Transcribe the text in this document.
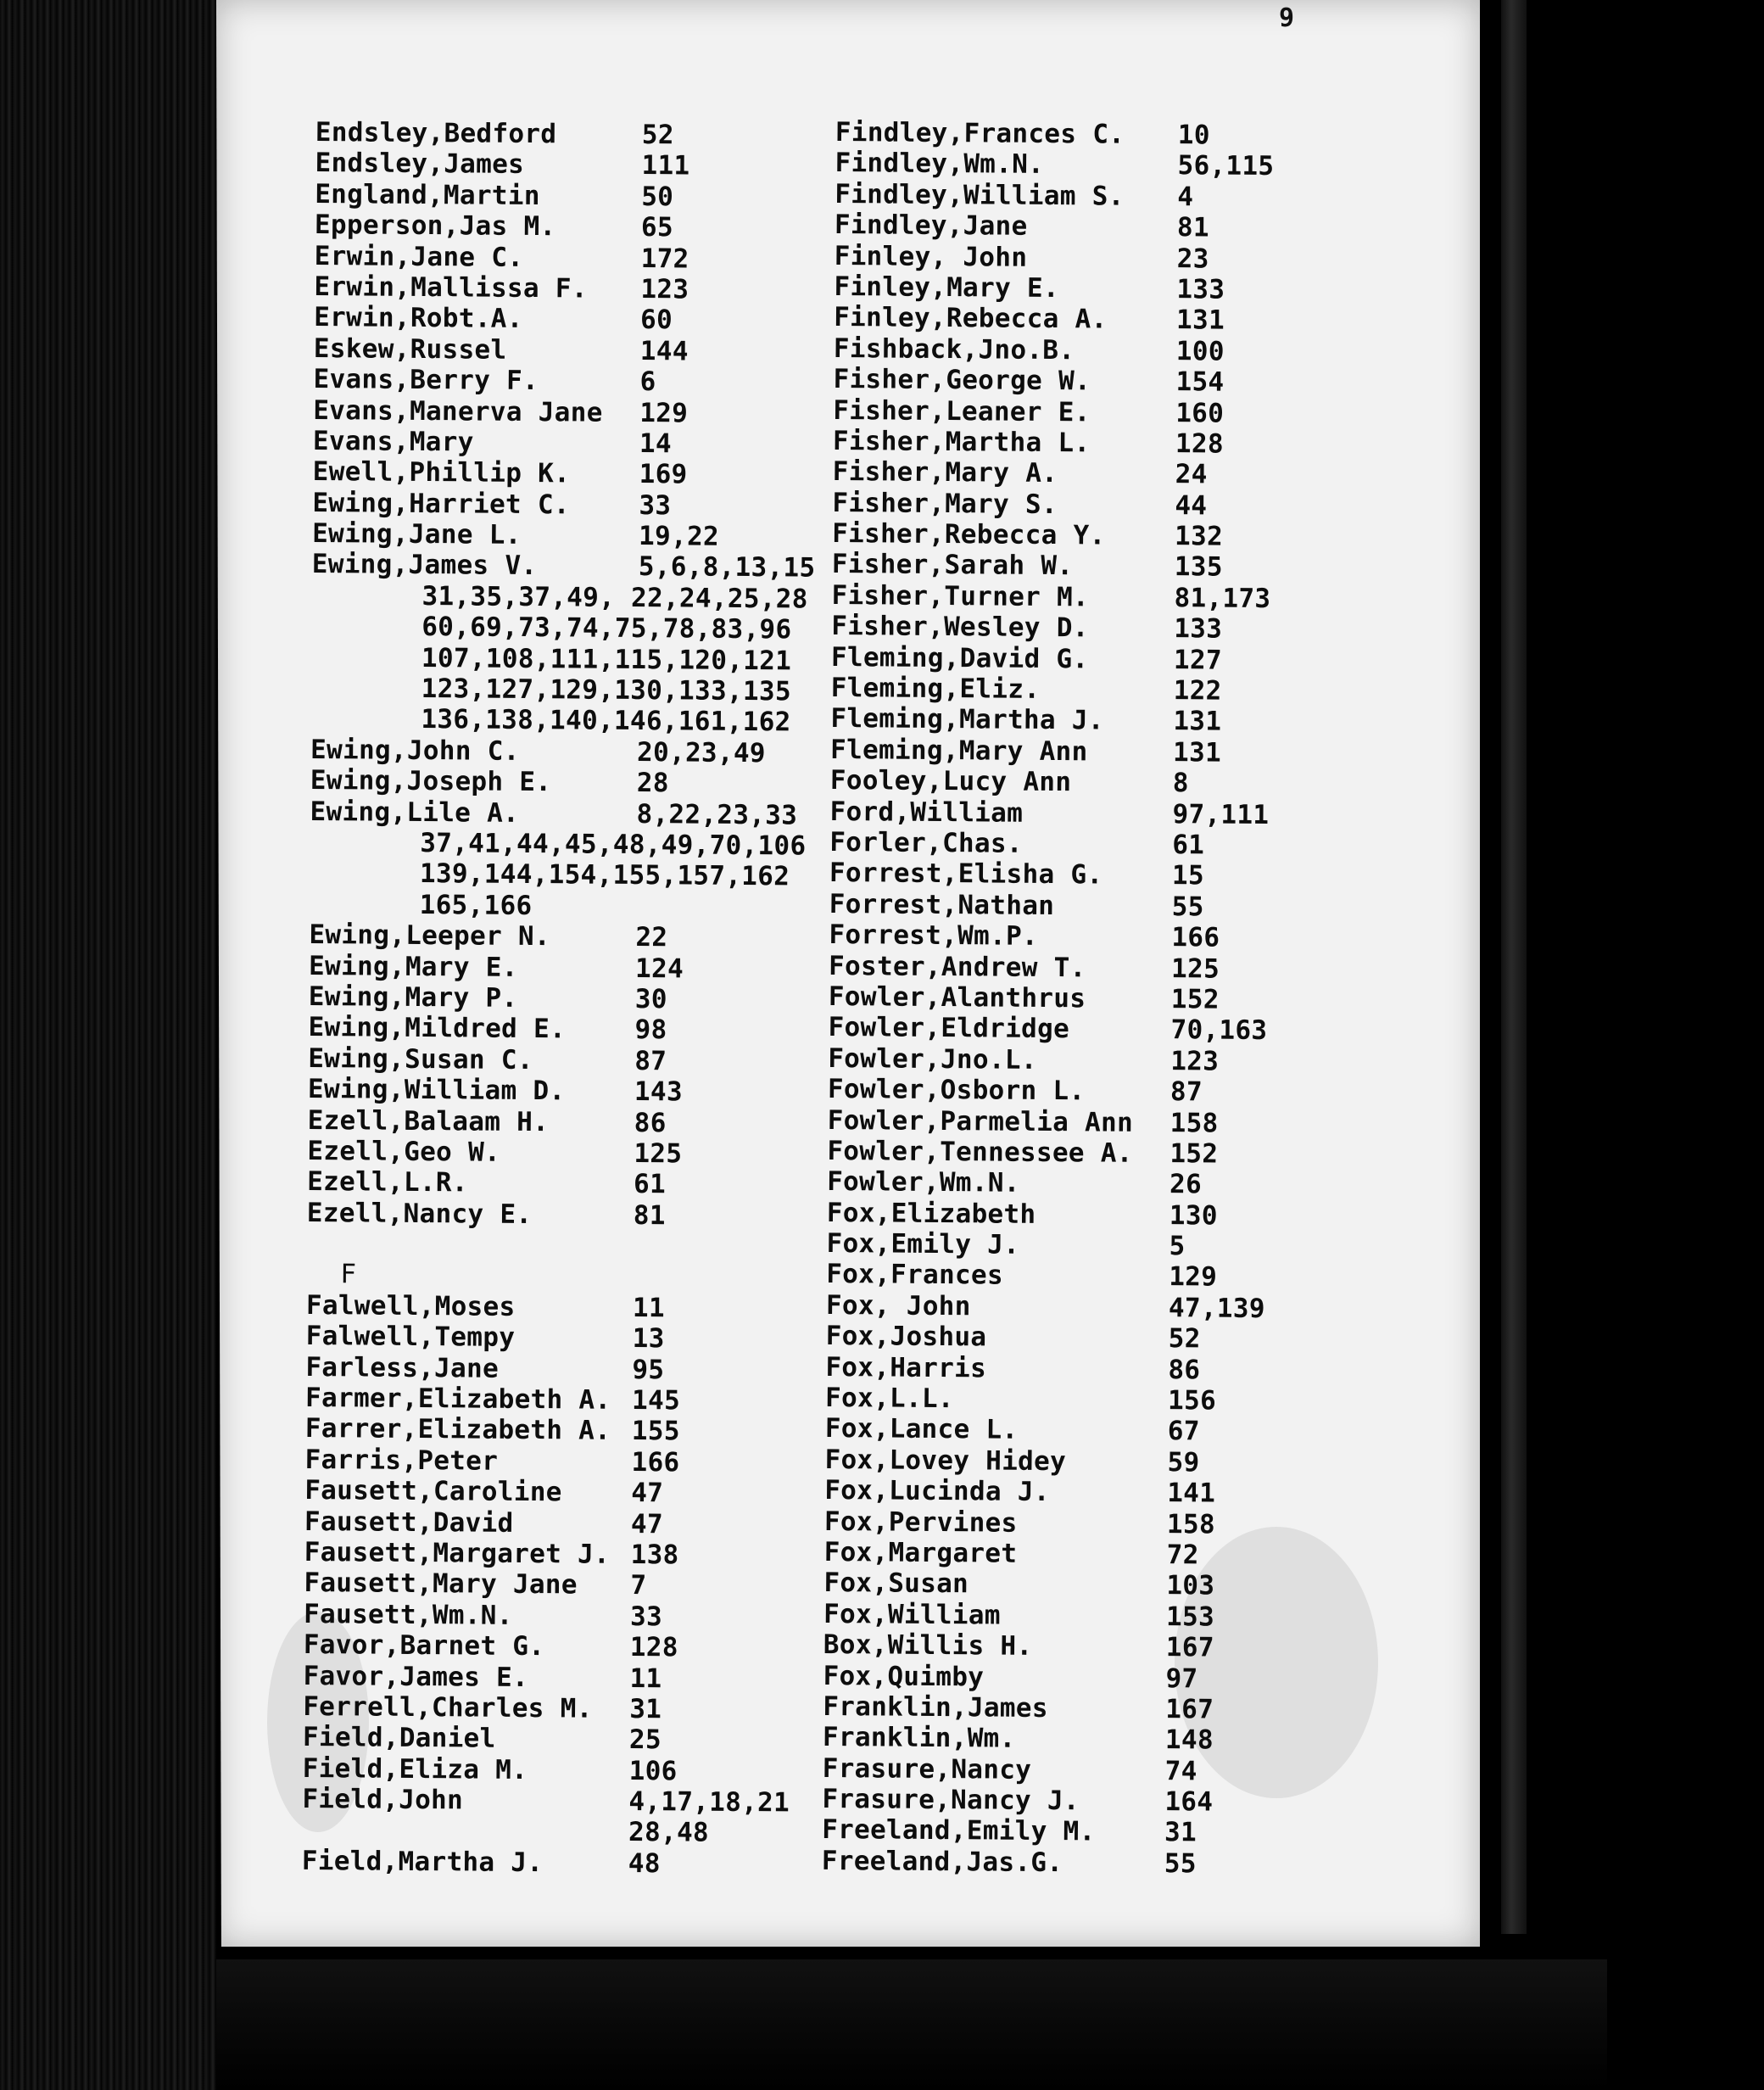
9
Endsley,Bedford	52
Endsley,James	111
England,Martin	50
Epperson,Jas M.	65
Erwin,Jane C.	172
Erwin,Mallissa F. 123
Erwin,Robt.A.	60
Eskew,Russel	144
Evans,Berry F.	6
Evans,Manerva Jane 129
Evans,Mary	14
Ewell,Phillip K.	169
Ewing,Harriet C.	33
Ewing,Jane L.	19,22
Ewing,James V.	5,6,8,13,15
31,35,37,49, 22,24,25,28
60,69,73,74,75,78,83,96
107,108,111,115,120,121
123,127,129,130,133,135
136,138,140,146,161,162
Ewing,John C.	20,23,49
Ewing,Joseph E.	28
Ewing,Lile A.	8,22,23,33
37,41,44,45,48,49,70,106
139,144,154,155,157,162
165,166
Ewing,Leeper N.	22
Ewing,Mary E.	124
Ewing,Mary P.	30
Ewing,Mildred E.	98
Ewing,Susan C.	87
Ewing,William D.	143
Ezell,Balaam H.	86
Ezell,Geo W.	125
Ezell,L.R.	61
Ezell,Nancy E.	81
F
Falwell,Moses	11
Falwell,Tempy	13
Farless,Jane	95
Farmer,Elizabeth A. 145
Farrer,Elizabeth A. 155
Farris,Peter	166
Fausett,Caroline	47
Fausett,David	47
Fausett,Margaret J. 138
Fausett,Mary Jane 7
Fausett,Wm.N.	33
Favor,Barnet G.	128
Favor,James E.	11
Ferrell,Charles M. 31
Field,Daniel	25
Field,Eliza M.	106
Field,John	4,17,18,21
28,48
Field,Martha J.	48
Findley,Frances C. 10
Findley,Wm.N.	56,115
Findley,William S. 4
Findley,Jane	81
Finley, John	23
Finley,Mary E.	133
Finley,Rebecca A.	131
Fishback,Jno.B.	100
Fisher,George W.	154
Fisher,Leaner E.	160
Fisher,Martha L.	128
Fisher,Mary A.	24
Fisher,Mary S.	44
Fisher,Rebecca Y.	132
Fisher,Sarah W.	135
Fisher,Turner M.	81,173
Fisher,Wesley D.	133
Fleming,David G.	127
Fleming,Eliz.	122
Fleming,Martha J.	131
Fleming,Mary Ann	131
Fooley,Lucy Ann	8
Ford,William	97,111
Forler,Chas.	61
Forrest,Elisha G.	15
Forrest,Nathan	55
Forrest,Wm.P.	166
Foster,Andrew T.	125
Fowler,Alanthrus	152
Fowler,Eldridge	70,163
Fowler,Jno.L.	123
Fowler,Osborn L.	87
Fowler,Parmelia Ann 158
Fowler,Tennessee A. 152
Fowler,Wm.N.	26
Fox,Elizabeth	130
Fox,Emily J.	5
Fox,Frances	129
Fox, John	47,139
Fox,Joshua	52
Fox,Harris	86
Fox,L.L.	156
Fox,Lance L.	67
Fox,Lovey Hidey	59
Fox,Lucinda J.	141
Fox,Pervines	158
Fox,Margaret	72
Fox,Susan	103
Fox,William	153
Box,Willis H.	167
Fox,Quimby	97
Franklin,James	167
Franklin,Wm.	148
Frasure,Nancy	74
Frasure,Nancy J.	164
Freeland,Emily M.	31
Freeland,Jas.G.	55
